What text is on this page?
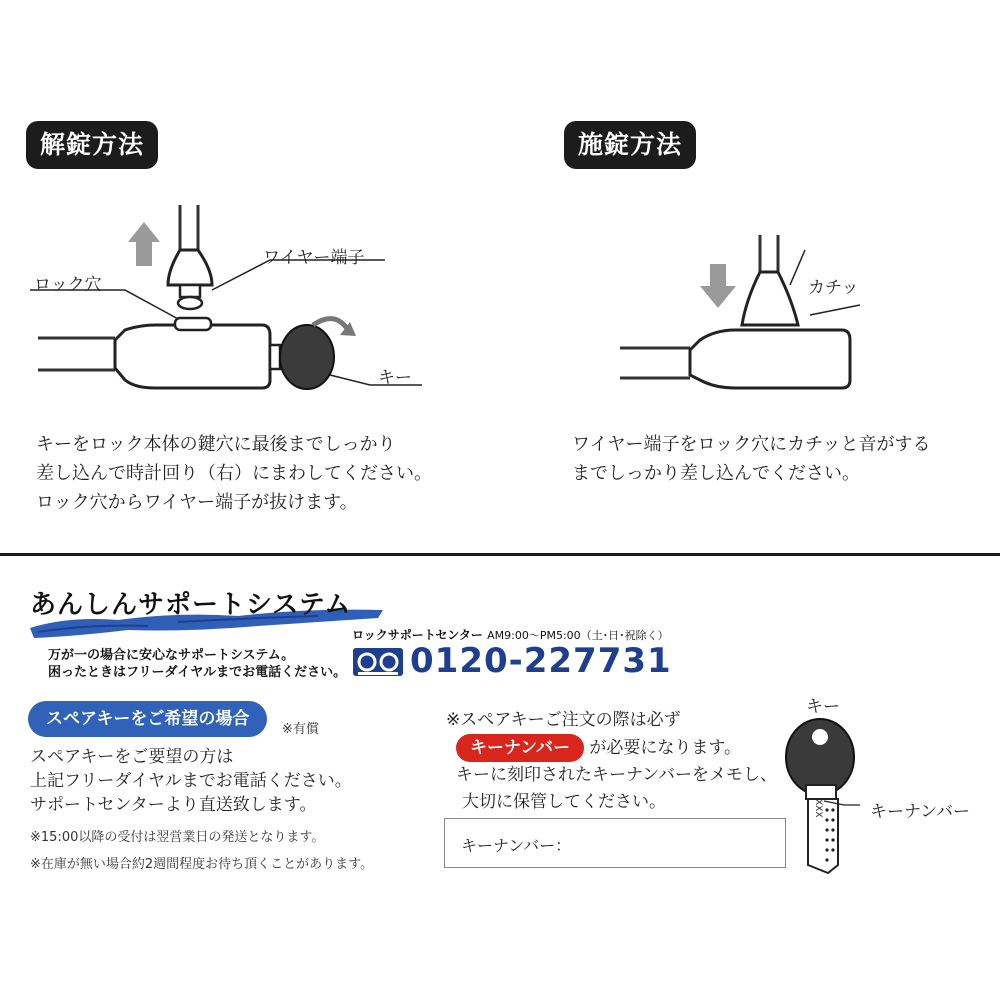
解錠方法
ワイヤー端子
ロック穴
キー
キーをロック本体の鍵穴に最後までしっかり
差し込んで時計回り（右）にまわしてください。
ロック穴からワイヤー端子が抜けます。
施錠方法
カチッ
ワイヤー端子をロック穴にカチッと音がする
までしっかり差し込んでください。
あんしんサポートシステム
万が一の場合に安心なサポートシステム。
困ったときはフリーダイヤルまでお電話ください。
ロックサポートセンター AM9:00～PM5:00（土･日･祝除く）
0120-227731
スペアキーをご希望の場合
※有償
スペアキーをご要望の方は
上記フリーダイヤルまでお電話ください。
サポートセンターより直送致します。
※15:00以降の受付は翌営業日の発送となります。
※在庫が無い場合約2週間程度お待ち頂くことがあります。
※スペアキーご注文の際は必ず
キーナンバー が必要になります。
キーに刻印されたキーナンバーをメモし、
大切に保管してください。
キーナンバー：
キー
XXX	キーナンバー
